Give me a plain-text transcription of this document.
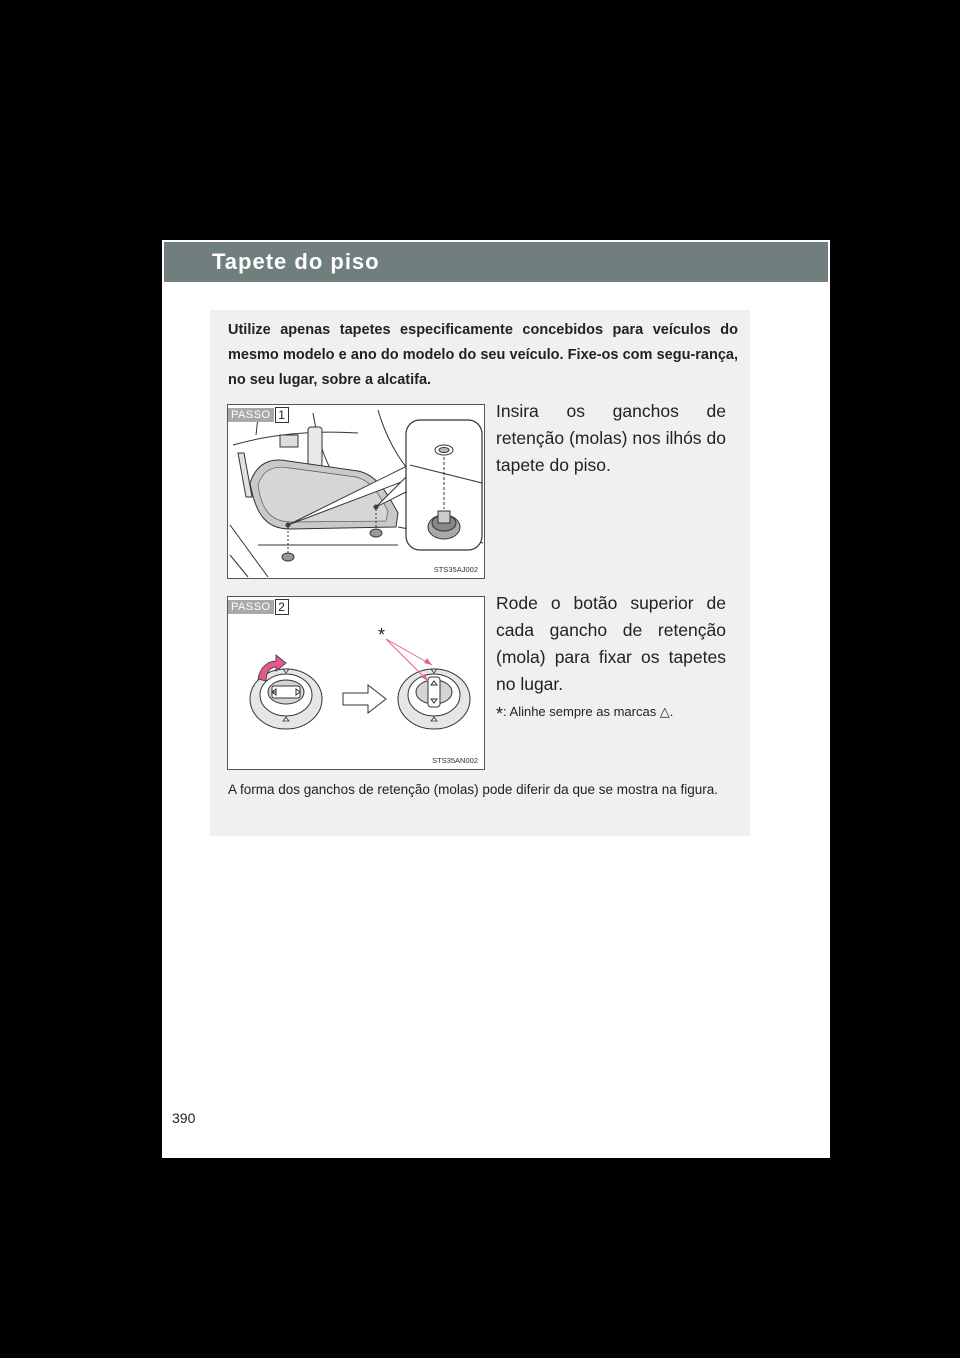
Tapete do piso
Utilize apenas tapetes especificamente concebidos para veículos do mesmo modelo e ano do modelo do seu veículo. Fixe-os com segu-rança, no seu lugar, sobre a alcatifa.
PASSO 1
STS35AJ002
Insira os ganchos de retenção (molas) nos ilhós do tapete do piso.
PASSO 2
*
STS35AN002
Rode o botão superior de cada gancho de retenção (mola) para fixar os tapetes no lugar.
*: Alinhe sempre as marcas △.
A forma dos ganchos de retenção (molas) pode diferir da que se mostra na figura.
390
